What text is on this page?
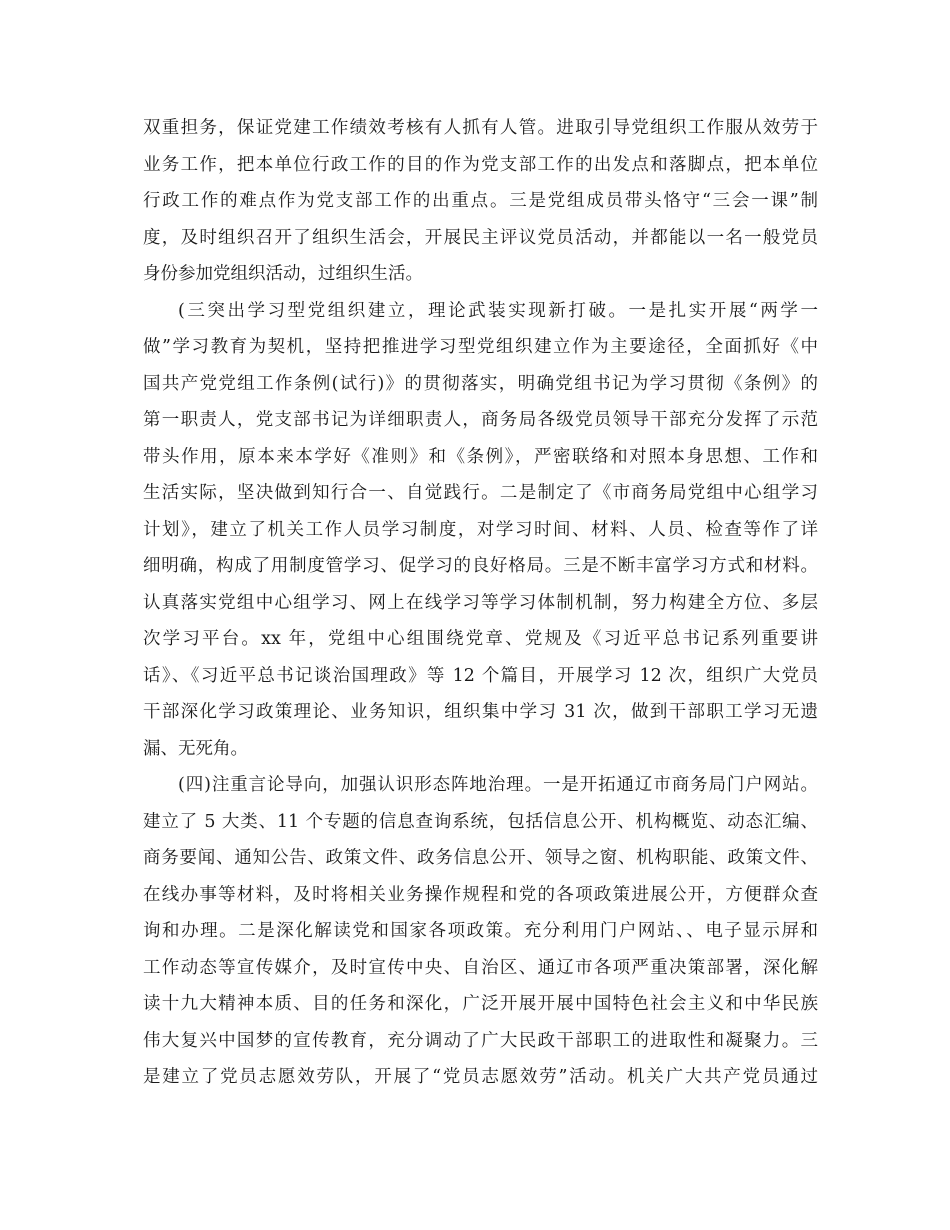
双重担务，保证党建工作绩效考核有人抓有人管。进取引导党组织工作服从效劳于
业务工作，把本单位行政工作的目的作为党支部工作的出发点和落脚点，把本单位
行政工作的难点作为党支部工作的出重点。三是党组成员带头恪守“三会一课”制
度，及时组织召开了组织生活会，开展民主评议党员活动，并都能以一名一般党员
身份参加党组织活动，过组织生活。
(三突出学习型党组织建立，理论武装实现新打破。一是扎实开展“两学一
做”学习教育为契机，坚持把推进学习型党组织建立作为主要途径，全面抓好《中
国共产党党组工作条例(试行)》的贯彻落实，明确党组书记为学习贯彻《条例》的
第一职责人，党支部书记为详细职责人，商务局各级党员领导干部充分发挥了示范
带头作用，原本来本学好《准则》和《条例》，严密联络和对照本身思想、工作和
生活实际，坚决做到知行合一、自觉践行。二是制定了《市商务局党组中心组学习
计划》，建立了机关工作人员学习制度，对学习时间、材料、人员、检查等作了详
细明确，构成了用制度管学习、促学习的良好格局。三是不断丰富学习方式和材料。
认真落实党组中心组学习、网上在线学习等学习体制机制，努力构建全方位、多层
次学习平台。xx 年，党组中心组围绕党章、党规及《习近平总书记系列重要讲
话》、《习近平总书记谈治国理政》等 12 个篇目，开展学习 12 次，组织广大党员
干部深化学习政策理论、业务知识，组织集中学习 31 次，做到干部职工学习无遗
漏、无死角。
(四)注重言论导向，加强认识形态阵地治理。一是开拓通辽市商务局门户网站。
建立了 5 大类、11 个专题的信息查询系统，包括信息公开、机构概览、动态汇编、
商务要闻、通知公告、政策文件、政务信息公开、领导之窗、机构职能、政策文件、
在线办事等材料，及时将相关业务操作规程和党的各项政策进展公开，方便群众查
询和办理。二是深化解读党和国家各项政策。充分利用门户网站、、电子显示屏和
工作动态等宣传媒介，及时宣传中央、自治区、通辽市各项严重决策部署，深化解
读十九大精神本质、目的任务和深化，广泛开展开展中国特色社会主义和中华民族
伟大复兴中国梦的宣传教育，充分调动了广大民政干部职工的进取性和凝聚力。三
是建立了党员志愿效劳队，开展了“党员志愿效劳”活动。机关广大共产党员通过
